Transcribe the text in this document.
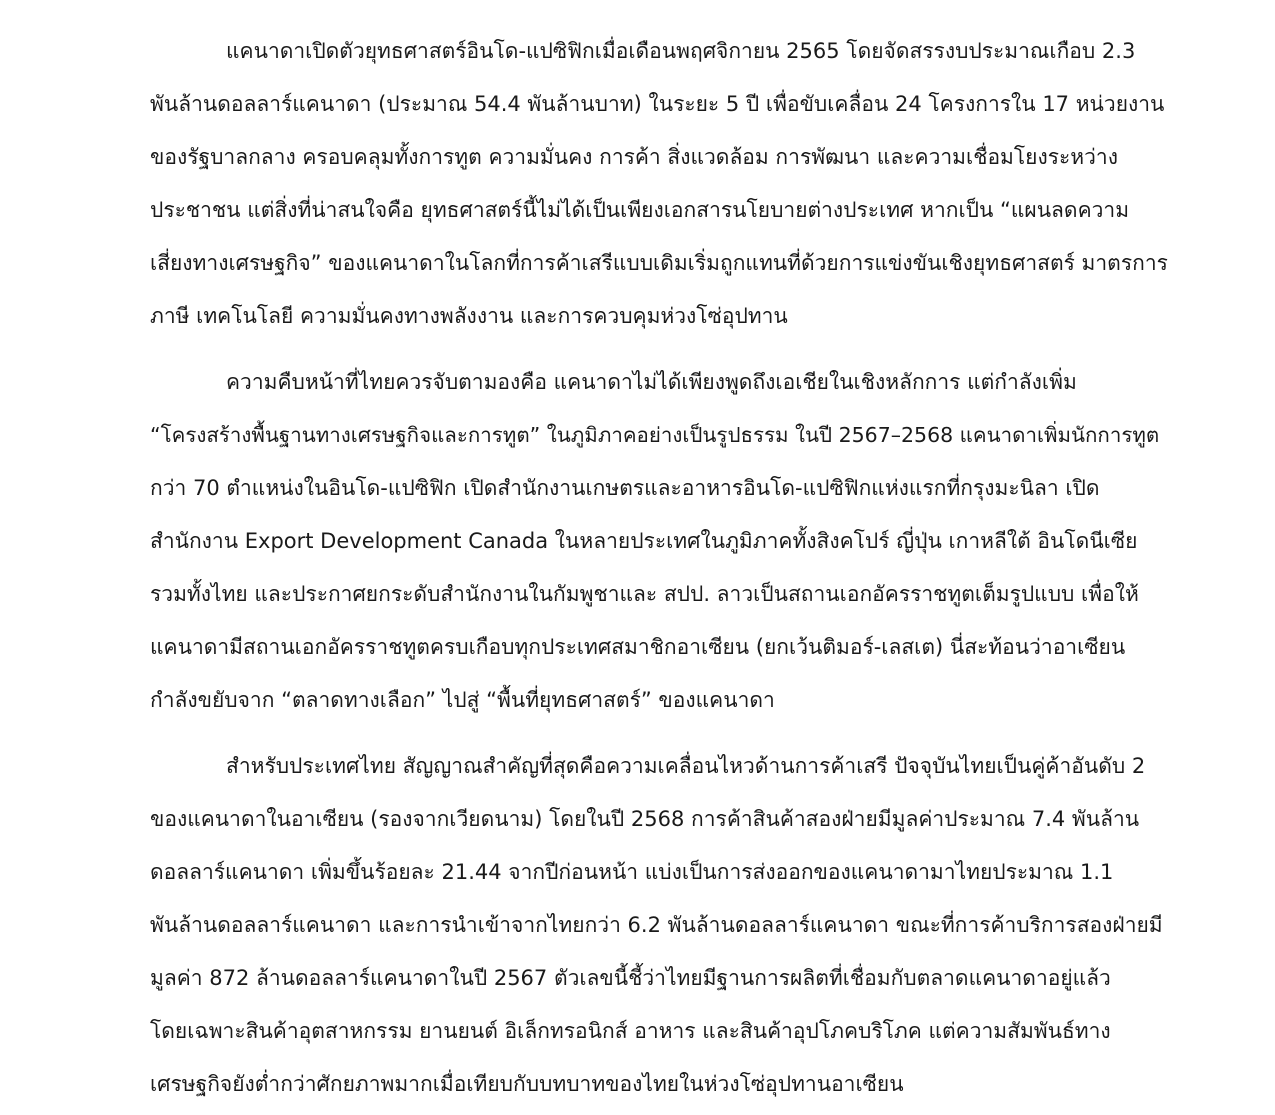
แคนาดาเปิดตัวยุทธศาสตร์อินโด-แปซิฟิกเมื่อเดือนพฤศจิกายน 2565 โดยจัดสรรงบประมาณเกือบ 2.3
พันล้านดอลลาร์แคนาดา (ประมาณ 54.4 พันล้านบาท) ในระยะ 5 ปี เพื่อขับเคลื่อน 24 โครงการใน 17 หน่วยงาน
ของรัฐบาลกลาง ครอบคลุมทั้งการทูต ความมั่นคง การค้า สิ่งแวดล้อม การพัฒนา และความเชื่อมโยงระหว่าง
ประชาชน แต่สิ่งที่น่าสนใจคือ ยุทธศาสตร์นี้ไม่ได้เป็นเพียงเอกสารนโยบายต่างประเทศ หากเป็น “แผนลดความ
เสี่ยงทางเศรษฐกิจ” ของแคนาดาในโลกที่การค้าเสรีแบบเดิมเริ่มถูกแทนที่ด้วยการแข่งขันเชิงยุทธศาสตร์ มาตรการ
ภาษี เทคโนโลยี ความมั่นคงทางพลังงาน และการควบคุมห่วงโซ่อุปทาน
ความคืบหน้าที่ไทยควรจับตามองคือ แคนาดาไม่ได้เพียงพูดถึงเอเชียในเชิงหลักการ แต่กำลังเพิ่ม
“โครงสร้างพื้นฐานทางเศรษฐกิจและการทูต” ในภูมิภาคอย่างเป็นรูปธรรม ในปี 2567–2568 แคนาดาเพิ่มนักการทูต
กว่า 70 ตำแหน่งในอินโด-แปซิฟิก เปิดสำนักงานเกษตรและอาหารอินโด-แปซิฟิกแห่งแรกที่กรุงมะนิลา เปิด
สำนักงาน Export Development Canada ในหลายประเทศในภูมิภาคทั้งสิงคโปร์ ญี่ปุ่น เกาหลีใต้ อินโดนีเซีย
รวมทั้งไทย และประกาศยกระดับสำนักงานในกัมพูชาและ สปป. ลาวเป็นสถานเอกอัครราชทูตเต็มรูปแบบ เพื่อให้
แคนาดามีสถานเอกอัครราชทูตครบเกือบทุกประเทศสมาชิกอาเซียน (ยกเว้นติมอร์-เลสเต) นี่สะท้อนว่าอาเซียน
กำลังขยับจาก “ตลาดทางเลือก” ไปสู่ “พื้นที่ยุทธศาสตร์” ของแคนาดา
สำหรับประเทศไทย สัญญาณสำคัญที่สุดคือความเคลื่อนไหวด้านการค้าเสรี ปัจจุบันไทยเป็นคู่ค้าอันดับ 2
ของแคนาดาในอาเซียน (รองจากเวียดนาม) โดยในปี 2568 การค้าสินค้าสองฝ่ายมีมูลค่าประมาณ 7.4 พันล้าน
ดอลลาร์แคนาดา เพิ่มขึ้นร้อยละ 21.44 จากปีก่อนหน้า แบ่งเป็นการส่งออกของแคนาดามาไทยประมาณ 1.1
พันล้านดอลลาร์แคนาดา และการนำเข้าจากไทยกว่า 6.2 พันล้านดอลลาร์แคนาดา ขณะที่การค้าบริการสองฝ่ายมี
มูลค่า 872 ล้านดอลลาร์แคนาดาในปี 2567 ตัวเลขนี้ชี้ว่าไทยมีฐานการผลิตที่เชื่อมกับตลาดแคนาดาอยู่แล้ว
โดยเฉพาะสินค้าอุตสาหกรรม ยานยนต์ อิเล็กทรอนิกส์ อาหาร และสินค้าอุปโภคบริโภค แต่ความสัมพันธ์ทาง
เศรษฐกิจยังต่ำกว่าศักยภาพมากเมื่อเทียบกับบทบาทของไทยในห่วงโซ่อุปทานอาเซียน
